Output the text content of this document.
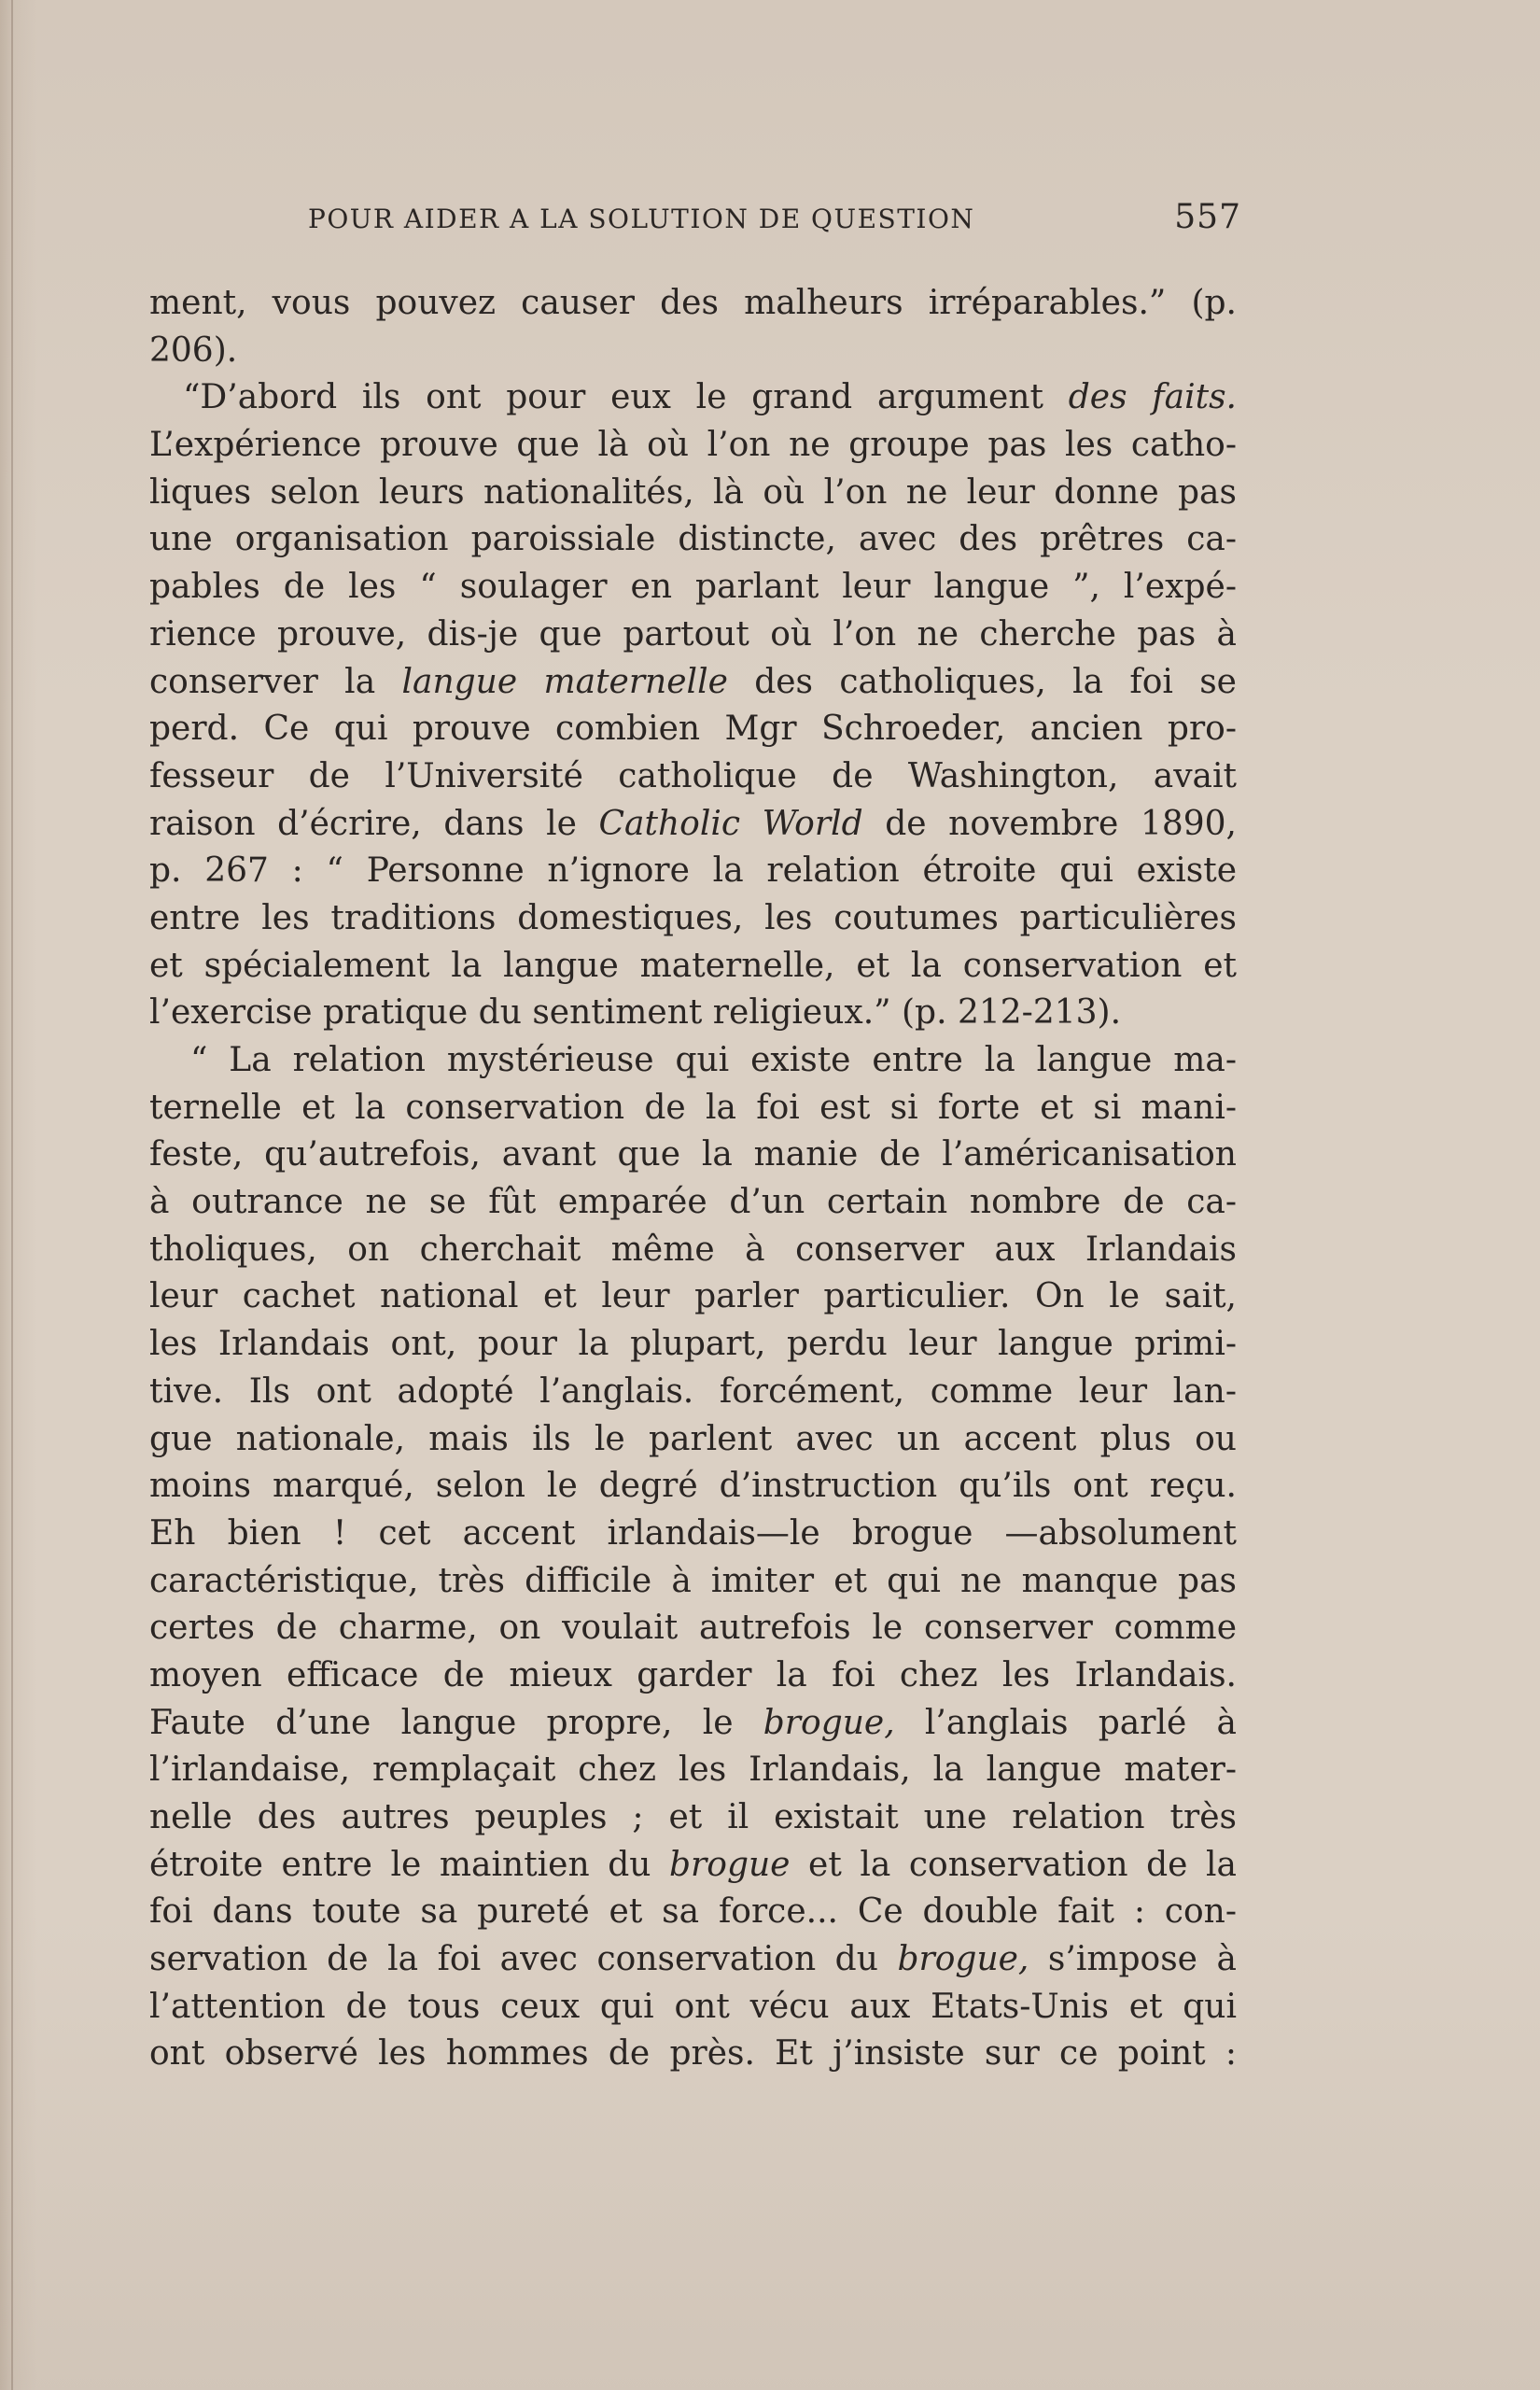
POUR AIDER A LA SOLUTION DE QUESTION	557
ment, vous pouvez causer des malheurs irréparables.” (p.
206).
“D’abord ils ont pour eux le grand argument des faits.
L’expérience prouve que là où l’on ne groupe pas les catho-
liques selon leurs nationalités, là où l’on ne leur donne pas
une organisation paroissiale distincte, avec des prêtres ca-
pables de les “ soulager en parlant leur langue ”, l’expé-
rience prouve, dis-je que partout où l’on ne cherche pas à
conserver la langue maternelle des catholiques, la foi se
perd. Ce qui prouve combien Mgr Schroeder, ancien pro-
fesseur de l’Université catholique de Washington, avait
raison d’écrire, dans le Catholic World de novembre 1890,
p. 267 : “ Personne n’ignore la relation étroite qui existe
entre les traditions domestiques, les coutumes particulières
et spécialement la langue maternelle, et la conservation et
l’exercise pratique du sentiment religieux.” (p. 212-213).
“ La relation mystérieuse qui existe entre la langue ma-
ternelle et la conservation de la foi est si forte et si mani-
feste, qu’autrefois, avant que la manie de l’américanisation
à outrance ne se fût emparée d’un certain nombre de ca-
tholiques, on cherchait même à conserver aux Irlandais
leur cachet national et leur parler particulier. On le sait,
les Irlandais ont, pour la plupart, perdu leur langue primi-
tive. Ils ont adopté l’anglais. forcément, comme leur lan-
gue nationale, mais ils le parlent avec un accent plus ou
moins marqué, selon le degré d’instruction qu’ils ont reçu.
Eh bien ! cet accent irlandais—le brogue —absolument
caractéristique, très difficile à imiter et qui ne manque pas
certes de charme, on voulait autrefois le conserver comme
moyen efficace de mieux garder la foi chez les Irlandais.
Faute d’une langue propre, le brogue, l’anglais parlé à
l’irlandaise, remplaçait chez les Irlandais, la langue mater-
nelle des autres peuples ; et il existait une relation très
étroite entre le maintien du brogue et la conservation de la
foi dans toute sa pureté et sa force... Ce double fait : con-
servation de la foi avec conservation du brogue, s’impose à
l’attention de tous ceux qui ont vécu aux Etats-Unis et qui
ont observé les hommes de près. Et j’insiste sur ce point :
